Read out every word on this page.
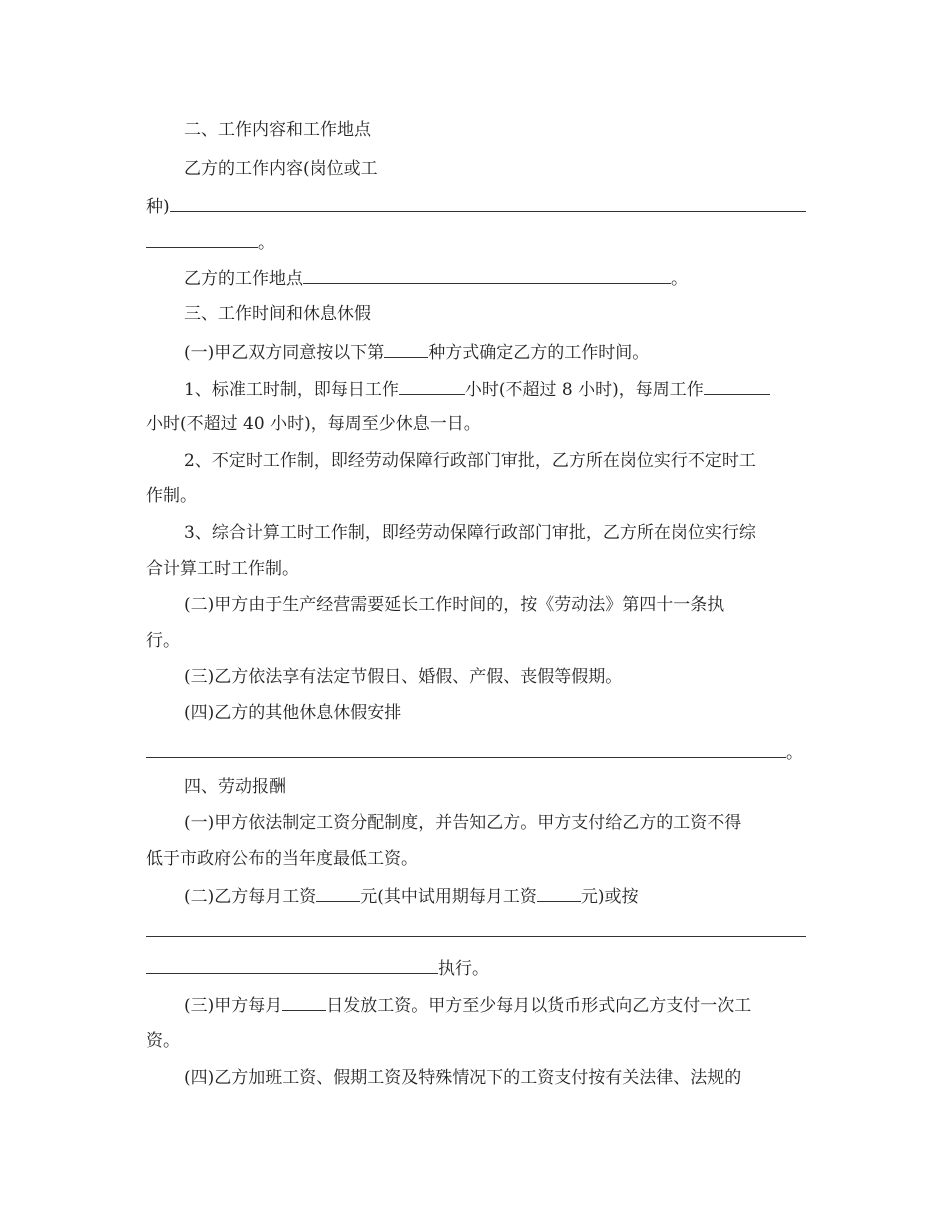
二、工作内容和工作地点
乙方的工作内容(岗位或工
种)
。
乙方的工作地点	。
三、工作时间和休息休假
(一)甲乙双方同意按以下第	种方式确定乙方的工作时间。
1、标准工时制，即每日工作	小时(不超过 8 小时)，每周工作
小时(不超过 40 小时)，每周至少休息一日。
2、不定时工作制，即经劳动保障行政部门审批，乙方所在岗位实行不定时工
作制。
3、综合计算工时工作制，即经劳动保障行政部门审批，乙方所在岗位实行综
合计算工时工作制。
(二)甲方由于生产经营需要延长工作时间的，按《劳动法》第四十一条执
行。
(三)乙方依法享有法定节假日、婚假、产假、丧假等假期。
(四)乙方的其他休息休假安排
。
四、劳动报酬
(一)甲方依法制定工资分配制度，并告知乙方。甲方支付给乙方的工资不得
低于市政府公布的当年度最低工资。
(二)乙方每月工资	元(其中试用期每月工资	元)或按
执行。
(三)甲方每月	日发放工资。甲方至少每月以货币形式向乙方支付一次工
资。
(四)乙方加班工资、假期工资及特殊情况下的工资支付按有关法律、法规的
